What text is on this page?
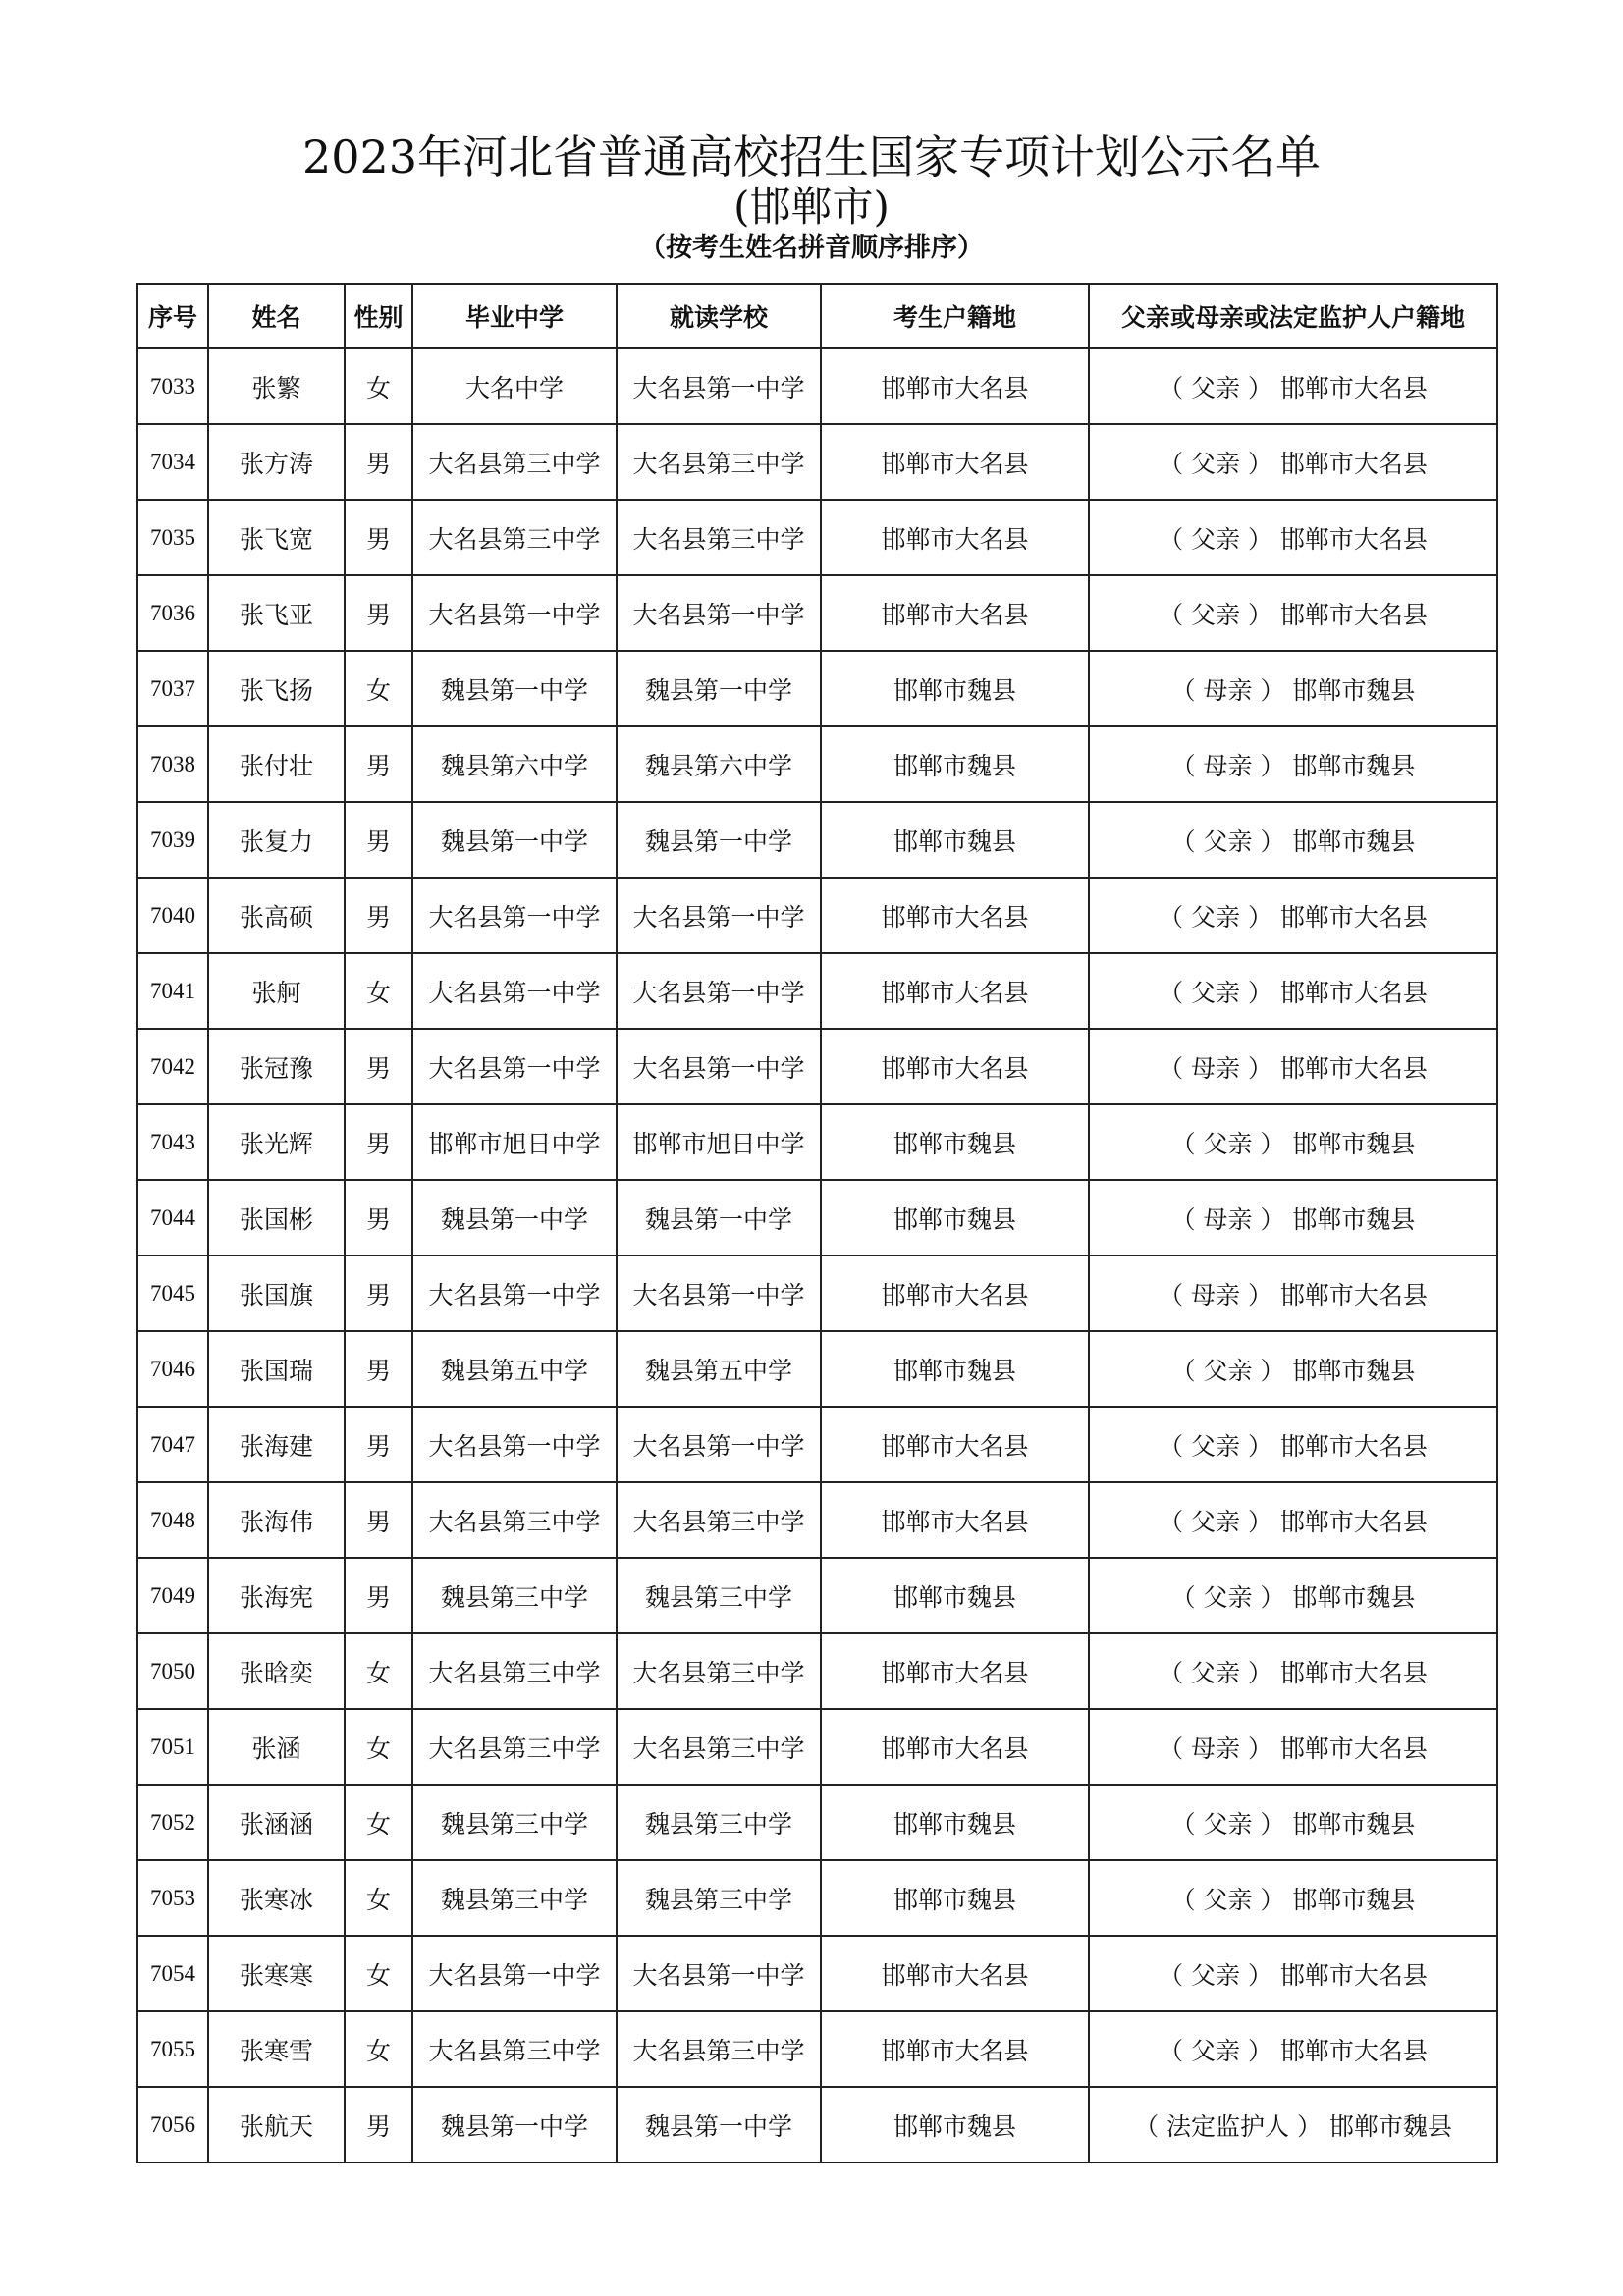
2023年河北省普通高校招生国家专项计划公示名单
(邯郸市)
（按考生姓名拼音顺序排序）
序号	姓名	性别	毕业中学	就读学校	考生户籍地	父亲或母亲或法定监护人户籍地
7033	张繁	女	大名中学	大名县第一中学	邯郸市大名县	（ 父亲 ） 邯郸市大名县
7034	张方涛	男	大名县第三中学	大名县第三中学	邯郸市大名县	（ 父亲 ） 邯郸市大名县
7035	张飞宽	男	大名县第三中学	大名县第三中学	邯郸市大名县	（ 父亲 ） 邯郸市大名县
7036	张飞亚	男	大名县第一中学	大名县第一中学	邯郸市大名县	（ 父亲 ） 邯郸市大名县
7037	张飞扬	女	魏县第一中学	魏县第一中学	邯郸市魏县	（ 母亲 ） 邯郸市魏县
7038	张付壮	男	魏县第六中学	魏县第六中学	邯郸市魏县	（ 母亲 ） 邯郸市魏县
7039	张复力	男	魏县第一中学	魏县第一中学	邯郸市魏县	（ 父亲 ） 邯郸市魏县
7040	张高硕	男	大名县第一中学	大名县第一中学	邯郸市大名县	（ 父亲 ） 邯郸市大名县
7041	张舸	女	大名县第一中学	大名县第一中学	邯郸市大名县	（ 父亲 ） 邯郸市大名县
7042	张冠豫	男	大名县第一中学	大名县第一中学	邯郸市大名县	（ 母亲 ） 邯郸市大名县
7043	张光辉	男	邯郸市旭日中学	邯郸市旭日中学	邯郸市魏县	（ 父亲 ） 邯郸市魏县
7044	张国彬	男	魏县第一中学	魏县第一中学	邯郸市魏县	（ 母亲 ） 邯郸市魏县
7045	张国旗	男	大名县第一中学	大名县第一中学	邯郸市大名县	（ 母亲 ） 邯郸市大名县
7046	张国瑞	男	魏县第五中学	魏县第五中学	邯郸市魏县	（ 父亲 ） 邯郸市魏县
7047	张海建	男	大名县第一中学	大名县第一中学	邯郸市大名县	（ 父亲 ） 邯郸市大名县
7048	张海伟	男	大名县第三中学	大名县第三中学	邯郸市大名县	（ 父亲 ） 邯郸市大名县
7049	张海宪	男	魏县第三中学	魏县第三中学	邯郸市魏县	（ 父亲 ） 邯郸市魏县
7050	张晗奕	女	大名县第三中学	大名县第三中学	邯郸市大名县	（ 父亲 ） 邯郸市大名县
7051	张涵	女	大名县第三中学	大名县第三中学	邯郸市大名县	（ 母亲 ） 邯郸市大名县
7052	张涵涵	女	魏县第三中学	魏县第三中学	邯郸市魏县	（ 父亲 ） 邯郸市魏县
7053	张寒冰	女	魏县第三中学	魏县第三中学	邯郸市魏县	（ 父亲 ） 邯郸市魏县
7054	张寒寒	女	大名县第一中学	大名县第一中学	邯郸市大名县	（ 父亲 ） 邯郸市大名县
7055	张寒雪	女	大名县第三中学	大名县第三中学	邯郸市大名县	（ 父亲 ） 邯郸市大名县
7056	张航天	男	魏县第一中学	魏县第一中学	邯郸市魏县	（ 法定监护人 ） 邯郸市魏县
